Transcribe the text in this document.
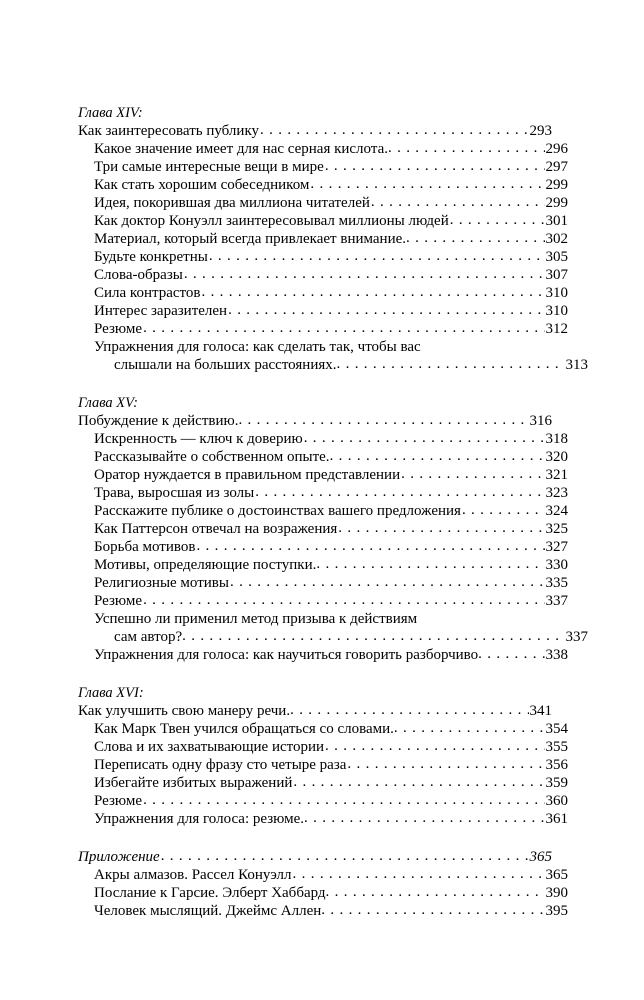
Глава XIV:
Как заинтересовать публику . . .	293
Какое значение имеет для нас серная кислота. . . .	296
Три самые интересные вещи в мире . . .	297
Как стать хорошим собеседником . . .	299
Идея, покорившая два миллиона читателей . . .	299
Как доктор Конуэлл заинтересовывал миллионы людей . . .	301
Материал, который всегда привлекает внимание. . . .	302
Будьте конкретны . . .	305
Слова-образы . . .	307
Сила контрастов . . .	310
Интерес заразителен . . .	310
Резюме . . .	312
Упражнения для голоса: как сделать так, чтобы вас
слышали на больших расстояниях. . . .	313
Глава XV:
Побуждение к действию. . . .	316
Искренность — ключ к доверию . . .	318
Рассказывайте о собственном опыте. . . .	320
Оратор нуждается в правильном представлении . . .	321
Трава, выросшая из золы . . .	323
Расскажите публике о достоинствах вашего предложения . . .	324
Как Паттерсон отвечал на возражения . . .	325
Борьба мотивов . . .	327
Мотивы, определяющие поступки. . . .	330
Религиозные мотивы . . .	335
Резюме . . .	337
Успешно ли применил метод призыва к действиям
сам автор? . . .	337
Упражнения для голоса: как научиться говорить разборчиво . . .	338
Глава XVI:
Как улучшить свою манеру речи. . . .	341
Как Марк Твен учился обращаться со словами. . . .	354
Слова и их захватывающие истории . . .	355
Переписать одну фразу сто четыре раза . . .	356
Избегайте избитых выражений . . .	359
Резюме . . .	360
Упражнения для голоса: резюме. . . .	361
Приложение . . .	365
Акры алмазов. Рассел Конуэлл . . .	365
Послание к Гарсие. Элберт Хаббард . . .	390
Человек мыслящий. Джеймс Аллен . . .	395
